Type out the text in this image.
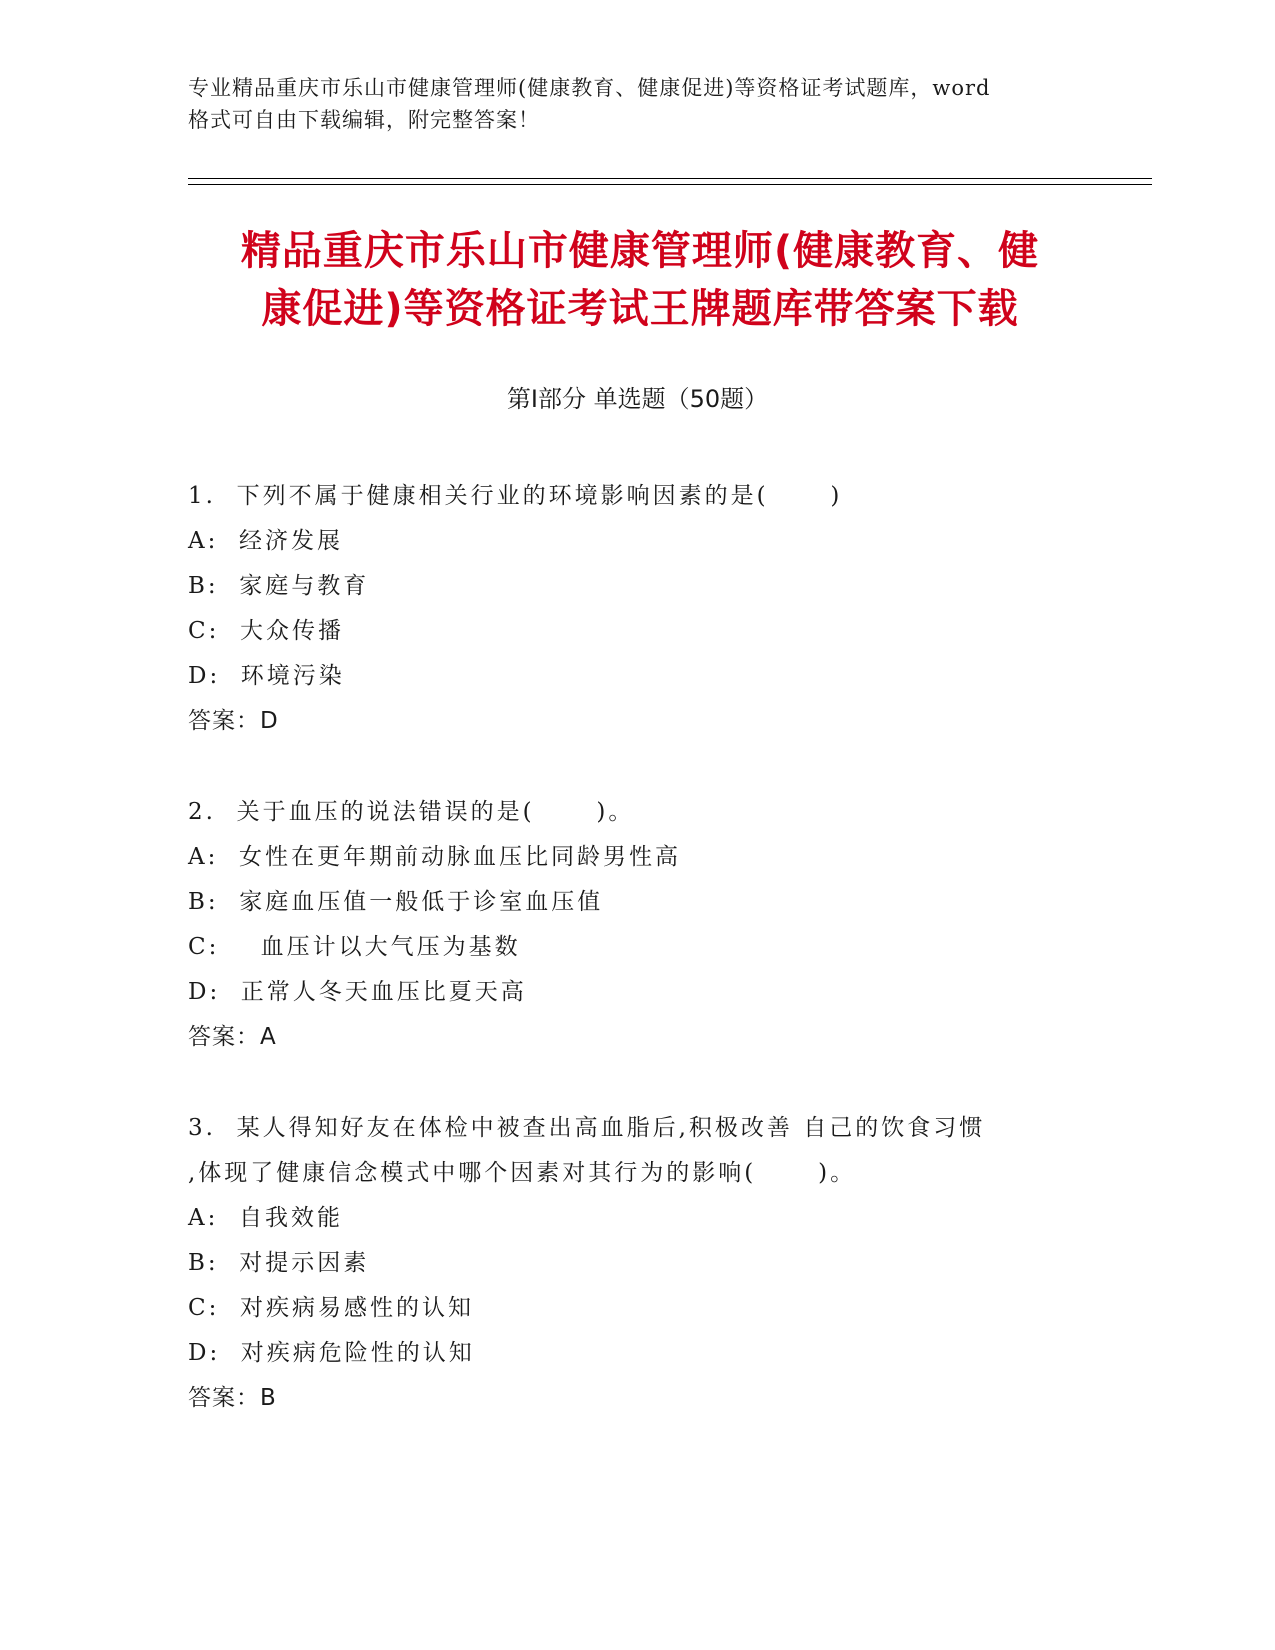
专业精品重庆市乐山市健康管理师(健康教育、健康促进)等资格证考试题库，word
格式可自由下载编辑，附完整答案！
精品重庆市乐山市健康管理师(健康教育、健
康促进)等资格证考试王牌题库带答案下载
第Ⅰ部分 单选题（50题）
1.  下列不属于健康相关行业的环境影响因素的是(      )
A:  经济发展
B:  家庭与教育
C:  大众传播
D:  环境污染
答案：D
2.  关于血压的说法错误的是(      )。
A:  女性在更年期前动脉血压比同龄男性高
B:  家庭血压值一般低于诊室血压值
C:    血压计以大气压为基数
D:  正常人冬天血压比夏天高
答案：A
3.  某人得知好友在体检中被查出高血脂后,积极改善 自己的饮食习惯
,体现了健康信念模式中哪个因素对其行为的影响(      )。
A:  自我效能
B:  对提示因素
C:  对疾病易感性的认知
D:  对疾病危险性的认知
答案：B
